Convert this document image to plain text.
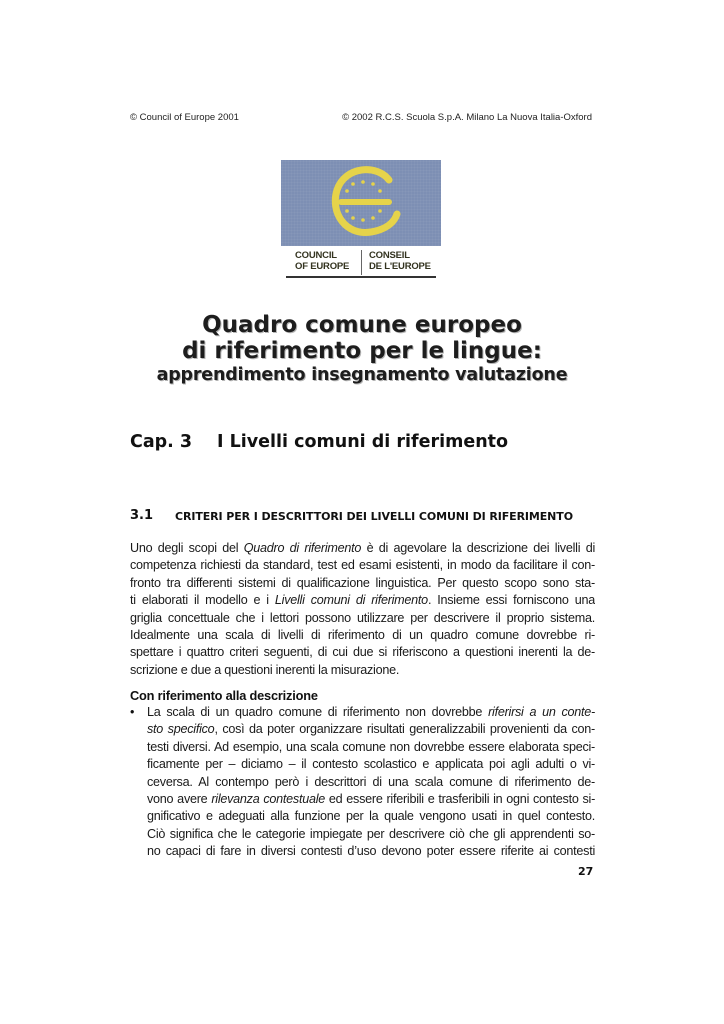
© Council of Europe 2001	© 2002 R.C.S. Scuola S.p.A. Milano La Nuova Italia-Oxford
COUNCIL
OF EUROPE
CONSEIL
DE L'EUROPE
Quadro comune europeo
di riferimento per le lingue:
apprendimento insegnamento valutazione
Cap. 3 I Livelli comuni di riferimento
3.1 CRITERI PER I DESCRITTORI DEI LIVELLI COMUNI DI RIFERIMENTO
Uno degli scopi del Quadro di riferimento è di agevolare la descrizione dei livelli di
competenza richiesti da standard, test ed esami esistenti, in modo da facilitare il con-
fronto tra differenti sistemi di qualificazione linguistica. Per questo scopo sono sta-
ti elaborati il modello e i Livelli comuni di riferimento. Insieme essi forniscono una
griglia concettuale che i lettori possono utilizzare per descrivere il proprio sistema.
Idealmente una scala di livelli di riferimento di un quadro comune dovrebbe ri-
spettare i quattro criteri seguenti, di cui due si riferiscono a questioni inerenti la de-
scrizione e due a questioni inerenti la misurazione.
Con riferimento alla descrizione
• La scala di un quadro comune di riferimento non dovrebbe riferirsi a un conte-
sto specifico, così da poter organizzare risultati generalizzabili provenienti da con-
testi diversi. Ad esempio, una scala comune non dovrebbe essere elaborata speci-
ficamente per – diciamo – il contesto scolastico e applicata poi agli adulti o vi-
ceversa. Al contempo però i descrittori di una scala comune di riferimento de-
vono avere rilevanza contestuale ed essere riferibili e trasferibili in ogni contesto si-
gnificativo e adeguati alla funzione per la quale vengono usati in quel contesto.
Ciò significa che le categorie impiegate per descrivere ciò che gli apprendenti so-
no capaci di fare in diversi contesti d’uso devono poter essere riferite ai contesti
27
